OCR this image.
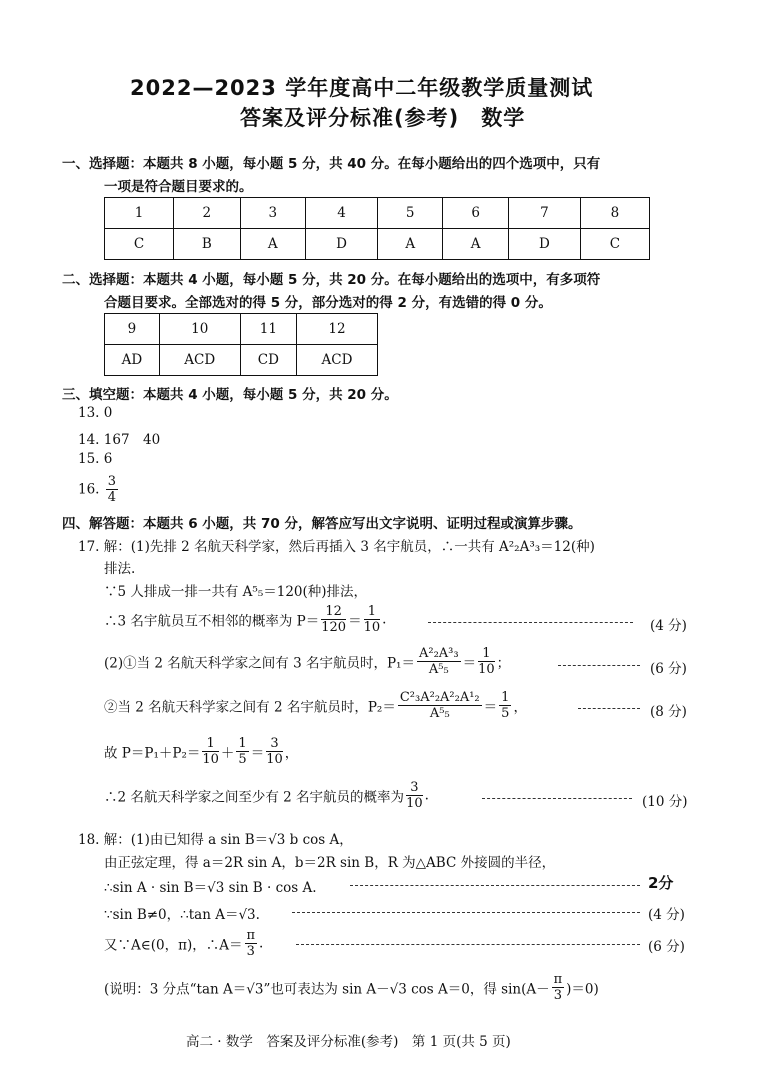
2022—2023 学年度高中二年级教学质量测试
答案及评分标准(参考)　数学
一、选择题：本题共 8 小题，每小题 5 分，共 40 分。在每小题给出的四个选项中，只有
一项是符合题目要求的。
1	2	3	4	5	6	7	8
C	B	A	D	A	A	D	C
二、选择题：本题共 4 小题，每小题 5 分，共 20 分。在每小题给出的选项中，有多项符
合题目要求。全部选对的得 5 分，部分选对的得 2 分，有选错的得 0 分。
9	10	11	12
AD	ACD	CD	ACD
三、填空题：本题共 4 小题，每小题 5 分，共 20 分。
13. 0
14. 167　40
15. 6
16. $\frac{3}{4}$
四、解答题：本题共 6 小题，共 70 分，解答应写出文字说明、证明过程或演算步骤。
17. 解：(1)先排 2 名航天科学家，然后再插入 3 名宇航员，∴一共有 A²₂A³₃＝12(种)
排法.
∵5 人排成一排一共有 A⁵₅＝120(种)排法，
∴3 名宇航员互不相邻的概率为 $P= \frac{12}{120} = \frac{1}{10}$ .	(4 分)
(2)①当 2 名航天科学家之间有 3 名宇航员时，$P_1= \frac{\text{A²₂A³₃}}{\text{A⁵₅}} = \frac{1}{10}$ ；	(6 分)
②当 2 名航天科学家之间有 2 名宇航员时，$P_2= \frac{\text{C²₃A²₂A²₂A¹₂}}{\text{A⁵₅}} = \frac{1}{5}$ ，	(8 分)
故 $P=P_1+P_2= \frac{1}{10} + \frac{1}{5} = \frac{3}{10}$ ，
∴2 名航天科学家之间至少有 2 名宇航员的概率为 $\frac{3}{10}$ .	(10 分)
18. 解：(1)由已知得 a sin B＝√3 b cos A，
由正弦定理，得 a＝2R sin A，b＝2R sin B，R 为△ABC 外接圆的半径，
∴sin A · sin B＝√3 sin B · cos A.	2分
∵sin B≠0，∴tan A＝√3.	(4 分)
又∵A∈(0，π)，∴A＝ $\frac{\pi}{3}$ .	(6 分)
(说明：3 分点“tan A＝√3”也可表达为 sin A－√3 cos A＝0，得 $\sin(A- \frac{\pi}{3} )=0$)
高二 · 数学　答案及评分标准(参考)　第 1 页(共 5 页)
